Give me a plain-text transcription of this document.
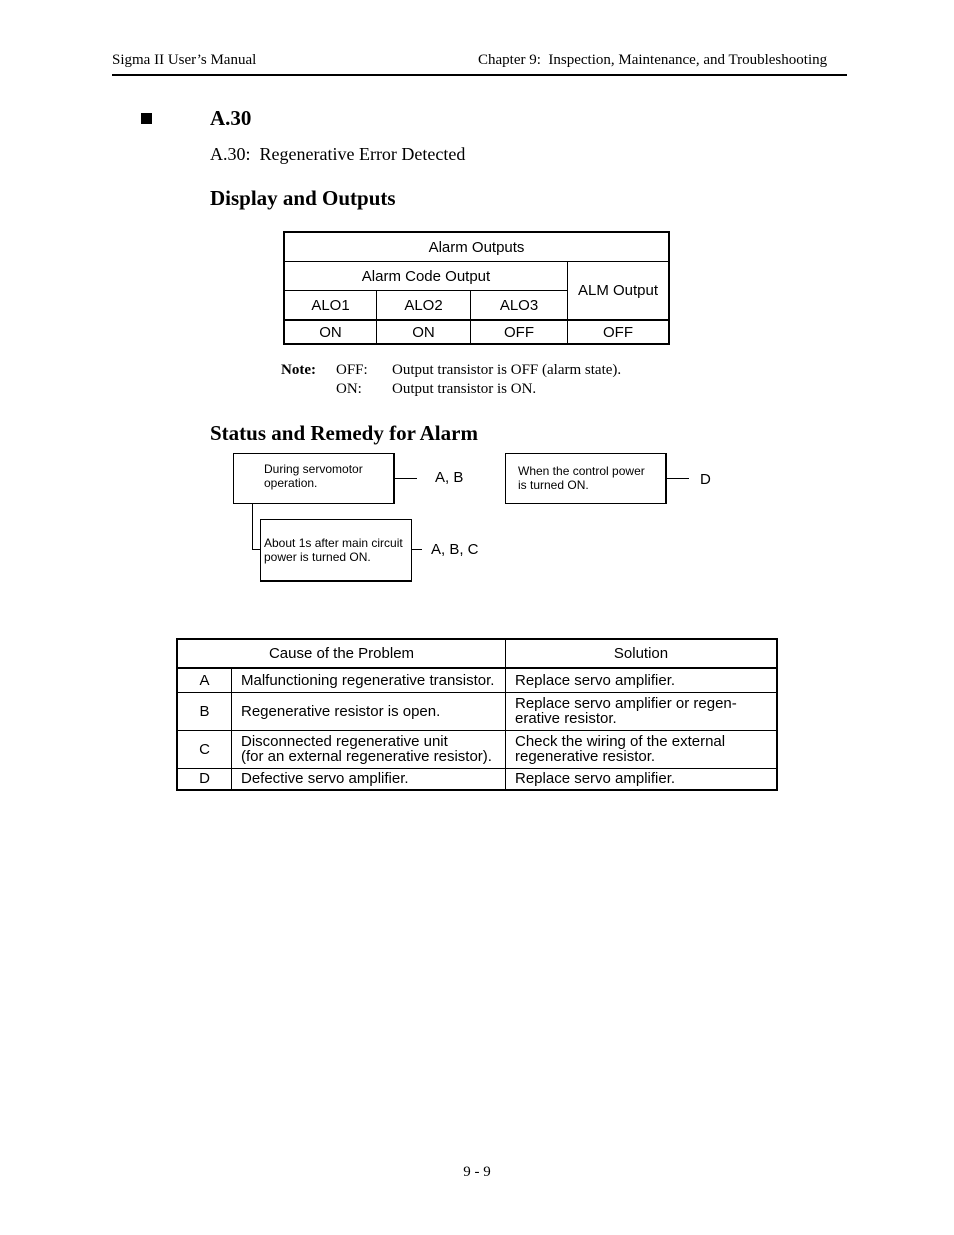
Sigma II User’s Manual	Chapter 9:  Inspection, Maintenance, and Troubleshooting
A.30
A.30:  Regenerative Error Detected
Display and Outputs
Alarm Outputs			
Alarm Code Output			ALM Output
ALO1	ALO2	ALO3	
ON	ON	OFF	OFF
Note: OFF: Output transistor is OFF (alarm state).
ON: Output transistor is ON.
Status and Remedy for Alarm
During servomotor
operation.	A, B
About 1s after main circuit
power is turned ON.	A, B, C
When the control power
is turned ON.	D
Cause of the Problem		Solution
A	Malfunctioning regenerative transistor.	Replace servo amplifier.
B	Regenerative resistor is open.	Replace servo amplifier or regen-
erative resistor.
C	Disconnected regenerative unit
(for an external regenerative resistor).	Check the wiring of the external
regenerative resistor.
D	Defective servo amplifier.	Replace servo amplifier.
9 - 9
